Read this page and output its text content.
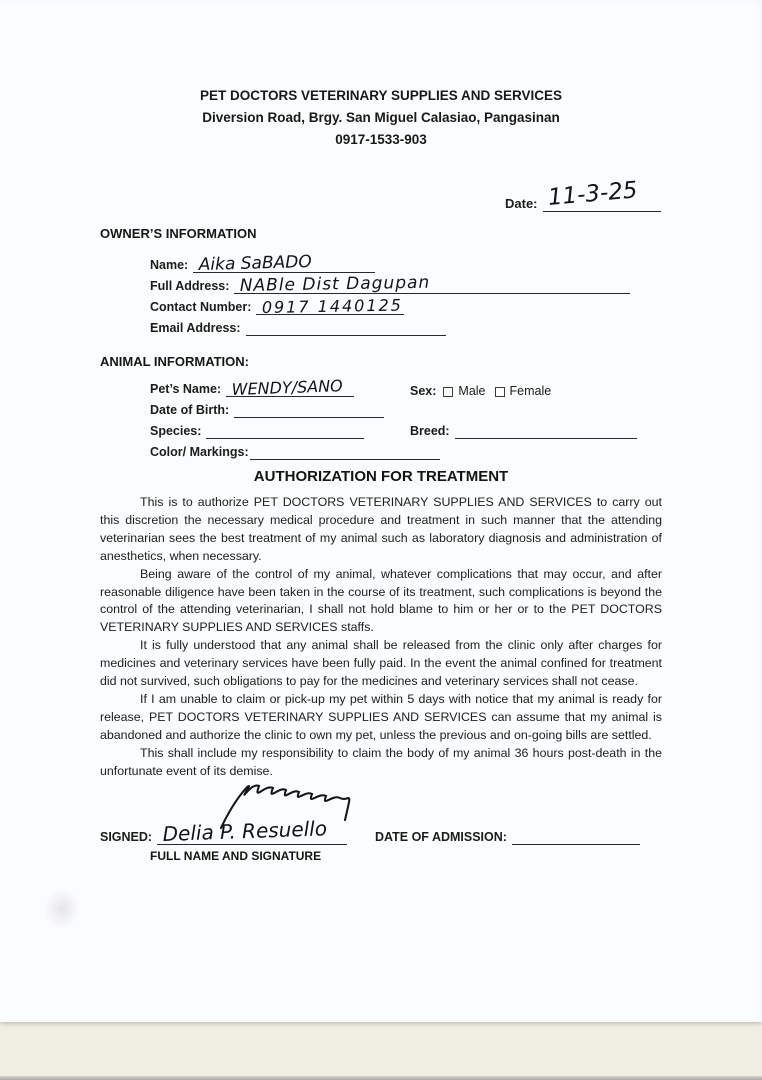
PET DOCTORS VETERINARY SUPPLIES AND SERVICES
Diversion Road, Brgy. San Miguel Calasiao, Pangasinan
0917-1533-903
Date: 11-3-25
OWNER’S INFORMATION
Name: Aika SaBADO
Full Address: NABle Dist Dagupan
Contact Number: 0917 1440125
Email Address:
ANIMAL INFORMATION:
Pet’s Name: WENDY/SANO	Sex: Male Female
Date of Birth:
Species:	Breed:
Color/ Markings:
AUTHORIZATION FOR TREATMENT

This is to authorize PET DOCTORS VETERINARY SUPPLIES AND SERVICES to carry out this discretion the necessary medical procedure and treatment in such manner that the attending veterinarian sees the best treatment of my animal such as laboratory diagnosis and administration of anesthetics, when necessary.

Being aware of the control of my animal, whatever complications that may occur, and after reasonable diligence have been taken in the course of its treatment, such complications is beyond the control of the attending veterinarian, I shall not hold blame to him or her or to the PET DOCTORS VETERINARY SUPPLIES AND SERVICES staffs.

It is fully understood that any animal shall be released from the clinic only after charges for medicines and veterinary services have been fully paid. In the event the animal confined for treatment did not survived, such obligations to pay for the medicines and veterinary services shall not cease.

If I am unable to claim or pick-up my pet within 5 days with notice that my animal is ready for release, PET DOCTORS VETERINARY SUPPLIES AND SERVICES can assume that my animal is abandoned and authorize the clinic to own my pet, unless the previous and on-going bills are settled.

This shall include my responsibility to claim the body of my animal 36 hours post-death in the unfortunate event of its demise.

SIGNED: Delia P. Resuello
FULL NAME AND SIGNATURE
DATE OF ADMISSION:
